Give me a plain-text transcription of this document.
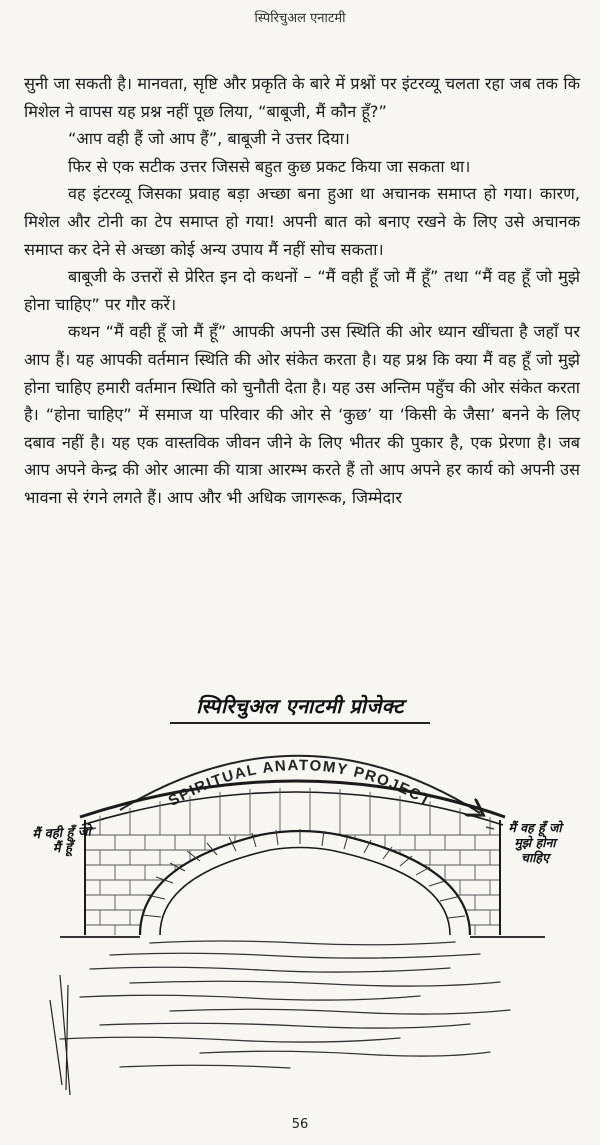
स्पिरिचुअल एनाटमी

सुनी जा सकती है। मानवता, सृष्टि और प्रकृति के बारे में प्रश्नों पर इंटरव्यू चलता रहा जब तक कि मिशेल ने वापस यह प्रश्न नहीं पूछ लिया, “बाबूजी, मैं कौन हूँ?”

“आप वही हैं जो आप हैं”, बाबूजी ने उत्तर दिया।

फिर से एक सटीक उत्तर जिससे बहुत कुछ प्रकट किया जा सकता था।

वह इंटरव्यू जिसका प्रवाह बड़ा अच्छा बना हुआ था अचानक समाप्त हो गया। कारण, मिशेल और टोनी का टेप समाप्त हो गया! अपनी बात को बनाए रखने के लिए उसे अचानक समाप्त कर देने से अच्छा कोई अन्य उपाय मैं नहीं सोच सकता।

बाबूजी के उत्तरों से प्रेरित इन दो कथनों – “मैं वही हूँ जो मैं हूँ” तथा “मैं वह हूँ जो मुझे होना चाहिए” पर गौर करें।

कथन “मैं वही हूँ जो मैं हूँ” आपकी अपनी उस स्थिति की ओर ध्यान खींचता है जहाँ पर आप हैं। यह आपकी वर्तमान स्थिति की ओर संकेत करता है। यह प्रश्न कि क्या मैं वह हूँ जो मुझे होना चाहिए हमारी वर्तमान स्थिति को चुनौती देता है। यह उस अन्तिम पहुँच की ओर संकेत करता है। “होना चाहिए” में समाज या परिवार की ओर से ‘कुछ’ या ‘किसी के जैसा’ बनने के लिए दबाव नहीं है। यह एक वास्तविक जीवन जीने के लिए भीतर की पुकार है, एक प्रेरणा है। जब आप अपने केन्द्र की ओर आत्मा की यात्रा आरम्भ करते हैं तो आप अपने हर कार्य को अपनी उस भावना से रंगने लगते हैं। आप और भी अधिक जागरूक, जिम्मेदार

स्पिरिचुअल एनाटमी प्रोजेक्ट
SPIRITUAL ANATOMY PROJECT
मैं वही हूँ जो मैं हूँ
मैं वह हूँ जो मुझे होना चाहिए
56
